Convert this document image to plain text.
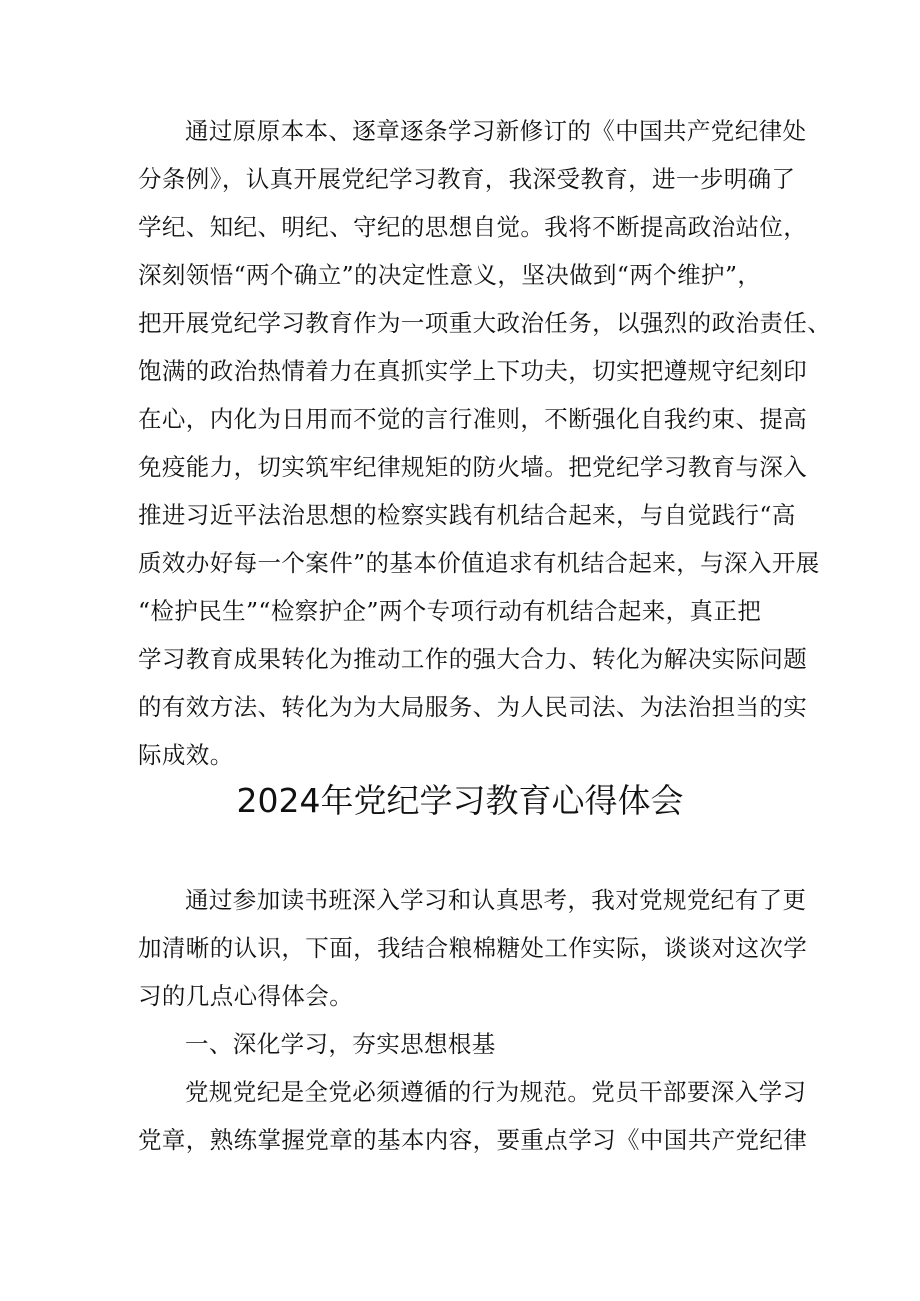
通过原原本本、逐章逐条学习新修订的《中国共产党纪律处
分条例》，认真开展党纪学习教育，我深受教育，进一步明确了
学纪、知纪、明纪、守纪的思想自觉。我将不断提高政治站位，
深刻领悟“两个确立”的决定性意义，坚决做到“两个维护”，
把开展党纪学习教育作为一项重大政治任务，以强烈的政治责任、
饱满的政治热情着力在真抓实学上下功夫，切实把遵规守纪刻印
在心，内化为日用而不觉的言行准则，不断强化自我约束、提高
免疫能力，切实筑牢纪律规矩的防火墙。把党纪学习教育与深入
推进习近平法治思想的检察实践有机结合起来，与自觉践行“高
质效办好每一个案件”的基本价值追求有机结合起来，与深入开展
“检护民生”“检察护企”两个专项行动有机结合起来，真正把
学习教育成果转化为推动工作的强大合力、转化为解决实际问题
的有效方法、转化为为大局服务、为人民司法、为法治担当的实
际成效。
2024年党纪学习教育心得体会
通过参加读书班深入学习和认真思考，我对党规党纪有了更
加清晰的认识，下面，我结合粮棉糖处工作实际，谈谈对这次学
习的几点心得体会。
一、深化学习，夯实思想根基
党规党纪是全党必须遵循的行为规范。党员干部要深入学习
党章，熟练掌握党章的基本内容，要重点学习《中国共产党纪律
